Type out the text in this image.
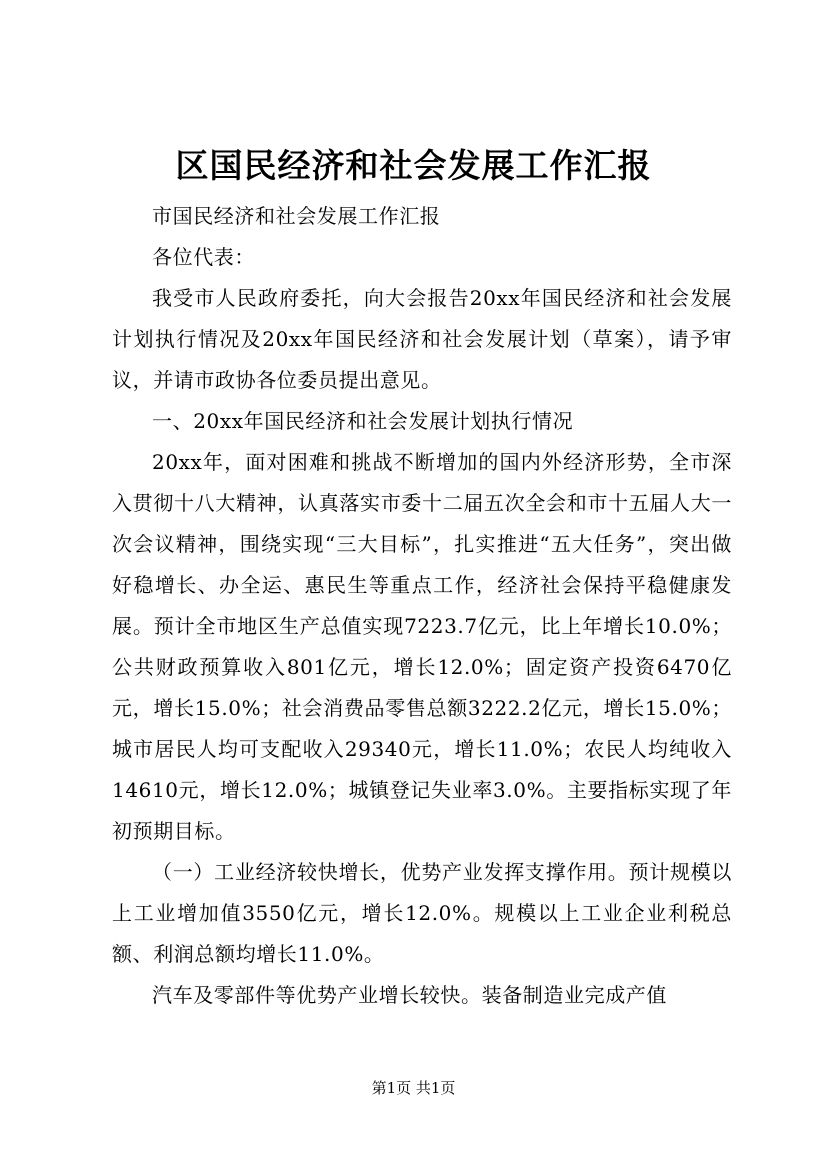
区国民经济和社会发展工作汇报

市国民经济和社会发展工作汇报

各位代表：

我受市人民政府委托，向大会报告20xx年国民经济和社会发展计划执行情况及20xx年国民经济和社会发展计划（草案），请予审议，并请市政协各位委员提出意见。

一、20xx年国民经济和社会发展计划执行情况

20xx年，面对困难和挑战不断增加的国内外经济形势，全市深入贯彻十八大精神，认真落实市委十二届五次全会和市十五届人大一次会议精神，围绕实现“三大目标”，扎实推进“五大任务”，突出做好稳增长、办全运、惠民生等重点工作，经济社会保持平稳健康发展。预计全市地区生产总值实现7223.7亿元，比上年增长10.0%；公共财政预算收入801亿元，增长12.0%；固定资产投资6470亿元，增长15.0%；社会消费品零售总额3222.2亿元，增长15.0%；城市居民人均可支配收入29340元，增长11.0%；农民人均纯收入14610元，增长12.0%；城镇登记失业率3.0%。主要指标实现了年初预期目标。

（一）工业经济较快增长，优势产业发挥支撑作用。预计规模以上工业增加值3550亿元，增长12.0%。规模以上工业企业利税总额、利润总额均增长11.0%。

汽车及零部件等优势产业增长较快。装备制造业完成产值

第1页 共1页
